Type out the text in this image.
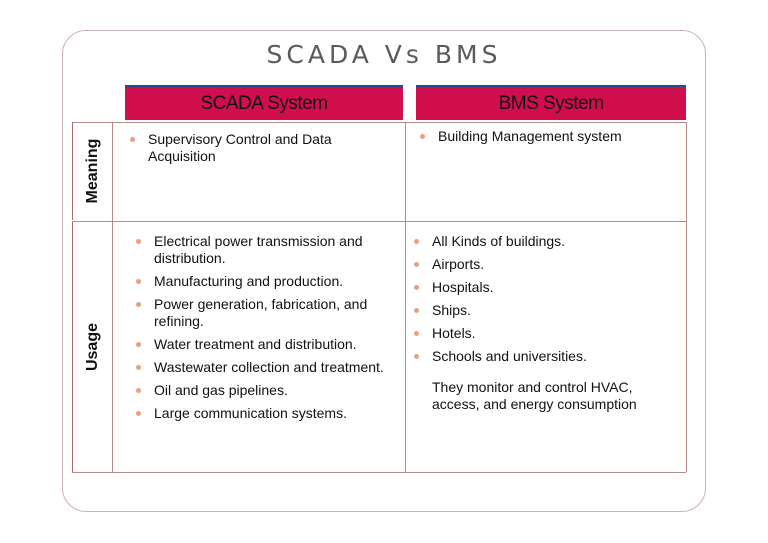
SCADA Vs BMS
SCADA System	BMS System
Meaning
Usage
Supervisory Control and Data Acquisition
Building Management system
Electrical power transmission and distribution.
Manufacturing and production.
Power generation, fabrication, and refining.
Water treatment and distribution.
Wastewater collection and treatment.
Oil and gas pipelines.
Large communication systems.
All Kinds of buildings.
Airports.
Hospitals.
Ships.
Hotels.
Schools and universities.

They monitor and control HVAC, access, and energy consumption
